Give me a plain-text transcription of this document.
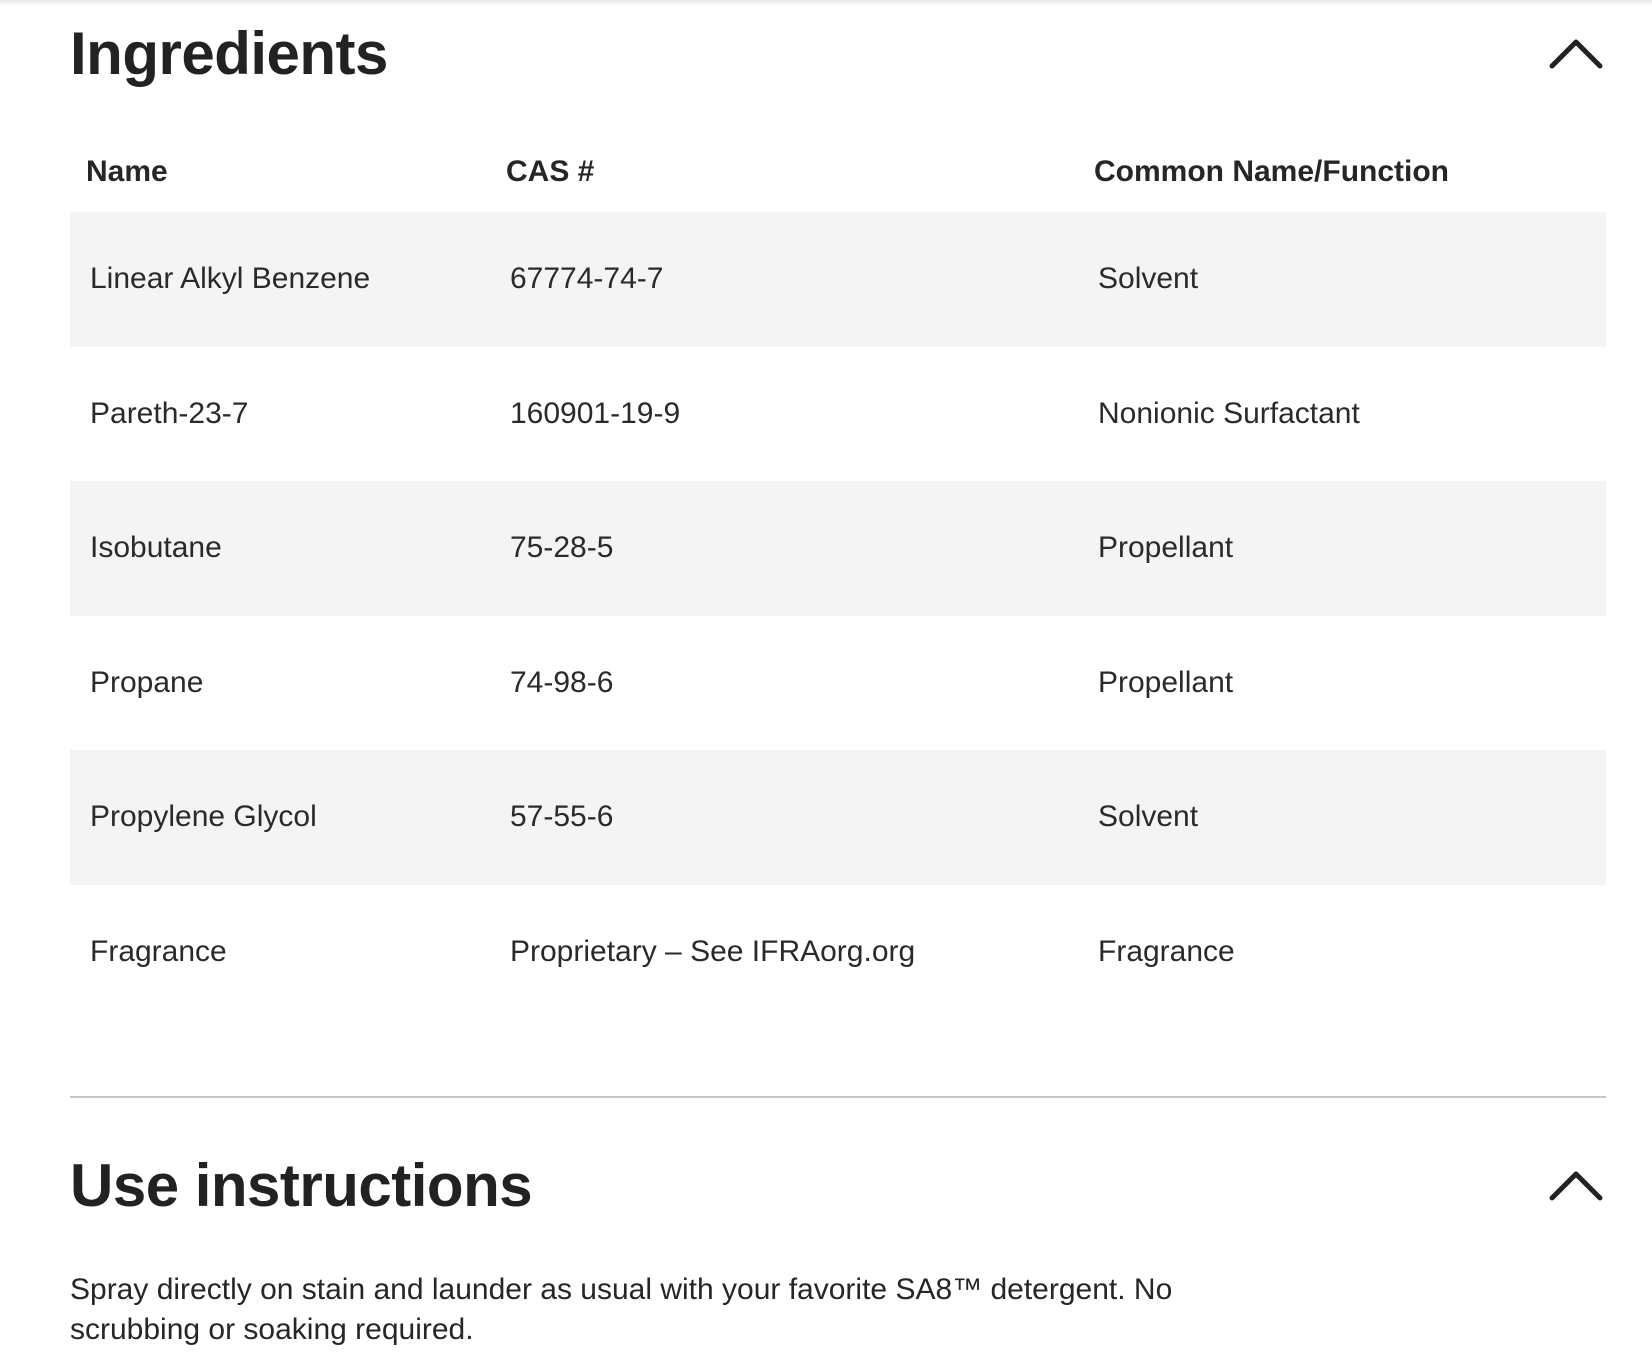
Ingredients
Name	CAS #	Common Name/Function
Linear Alkyl Benzene	67774-74-7	Solvent
Pareth-23-7	160901-19-9	Nonionic Surfactant
Isobutane	75-28-5	Propellant
Propane	74-98-6	Propellant
Propylene Glycol	57-55-6	Solvent
Fragrance	Proprietary – See IFRAorg.org	Fragrance
Use instructions

Spray directly on stain and launder as usual with your favorite SA8™ detergent. No scrubbing or soaking required.
